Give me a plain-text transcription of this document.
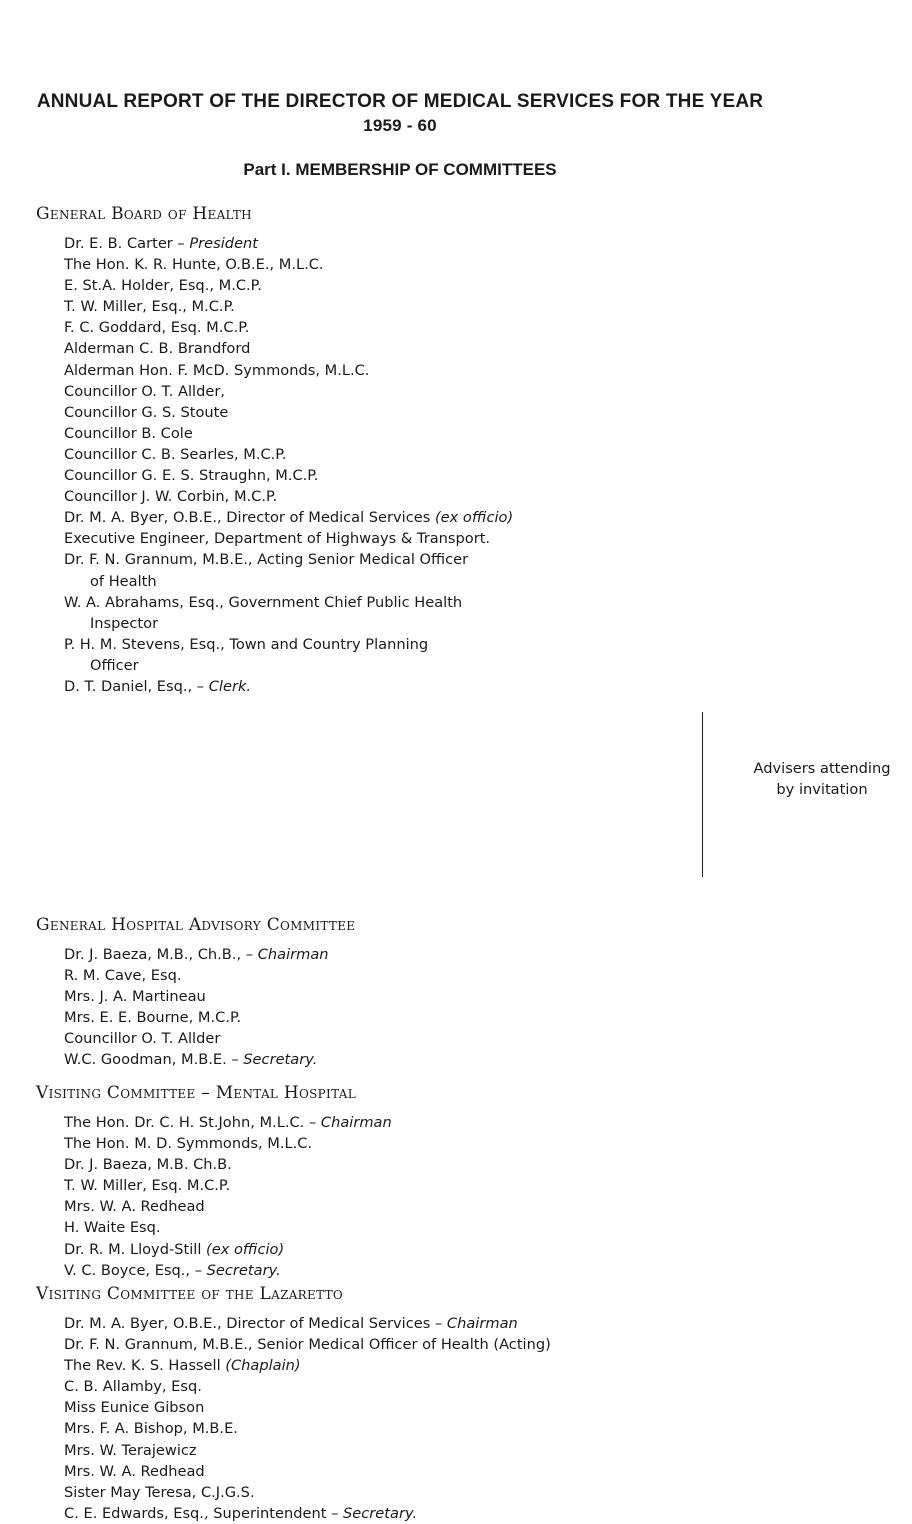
ANNUAL REPORT OF THE DIRECTOR OF MEDICAL SERVICES FOR THE YEAR
1959 - 60
Part I. MEMBERSHIP OF COMMITTEES
General Board of Health
Dr. E. B. Carter – President
The Hon. K. R. Hunte, O.B.E., M.L.C.
E. St.A. Holder, Esq., M.C.P.
T. W. Miller, Esq., M.C.P.
F. C. Goddard, Esq. M.C.P.
Alderman C. B. Brandford
Alderman Hon. F. McD. Symmonds, M.L.C.
Councillor O. T. Allder,
Councillor G. S. Stoute
Councillor B. Cole
Councillor C. B. Searles, M.C.P.
Councillor G. E. S. Straughn, M.C.P.
Councillor J. W. Corbin, M.C.P.
Dr. M. A. Byer, O.B.E., Director of Medical Services (ex officio)
Executive Engineer, Department of Highways & Transport.
Dr. F. N. Grannum, M.B.E., Acting Senior Medical Officer
of Health
W. A. Abrahams, Esq., Government Chief Public Health
Inspector
P. H. M. Stevens, Esq., Town and Country Planning
Officer
D. T. Daniel, Esq., – Clerk.
Advisers attending
by invitation
General Hospital Advisory Committee
Dr. J. Baeza, M.B., Ch.B., – Chairman
R. M. Cave, Esq.
Mrs. J. A. Martineau
Mrs. E. E. Bourne, M.C.P.
Councillor O. T. Allder
W.C. Goodman, M.B.E. – Secretary.
Visiting Committee – Mental Hospital
The Hon. Dr. C. H. St.John, M.L.C. – Chairman
The Hon. M. D. Symmonds, M.L.C.
Dr. J. Baeza, M.B. Ch.B.
T. W. Miller, Esq. M.C.P.
Mrs. W. A. Redhead
H. Waite Esq.
Dr. R. M. Lloyd-Still (ex officio)
V. C. Boyce, Esq., – Secretary.
Visiting Committee of the Lazaretto
Dr. M. A. Byer, O.B.E., Director of Medical Services – Chairman
Dr. F. N. Grannum, M.B.E., Senior Medical Officer of Health (Acting)
The Rev. K. S. Hassell (Chaplain)
C. B. Allamby, Esq.
Miss Eunice Gibson
Mrs. F. A. Bishop, M.B.E.
Mrs. W. Terajewicz
Mrs. W. A. Redhead
Sister May Teresa, C.J.G.S.
C. E. Edwards, Esq., Superintendent – Secretary.
